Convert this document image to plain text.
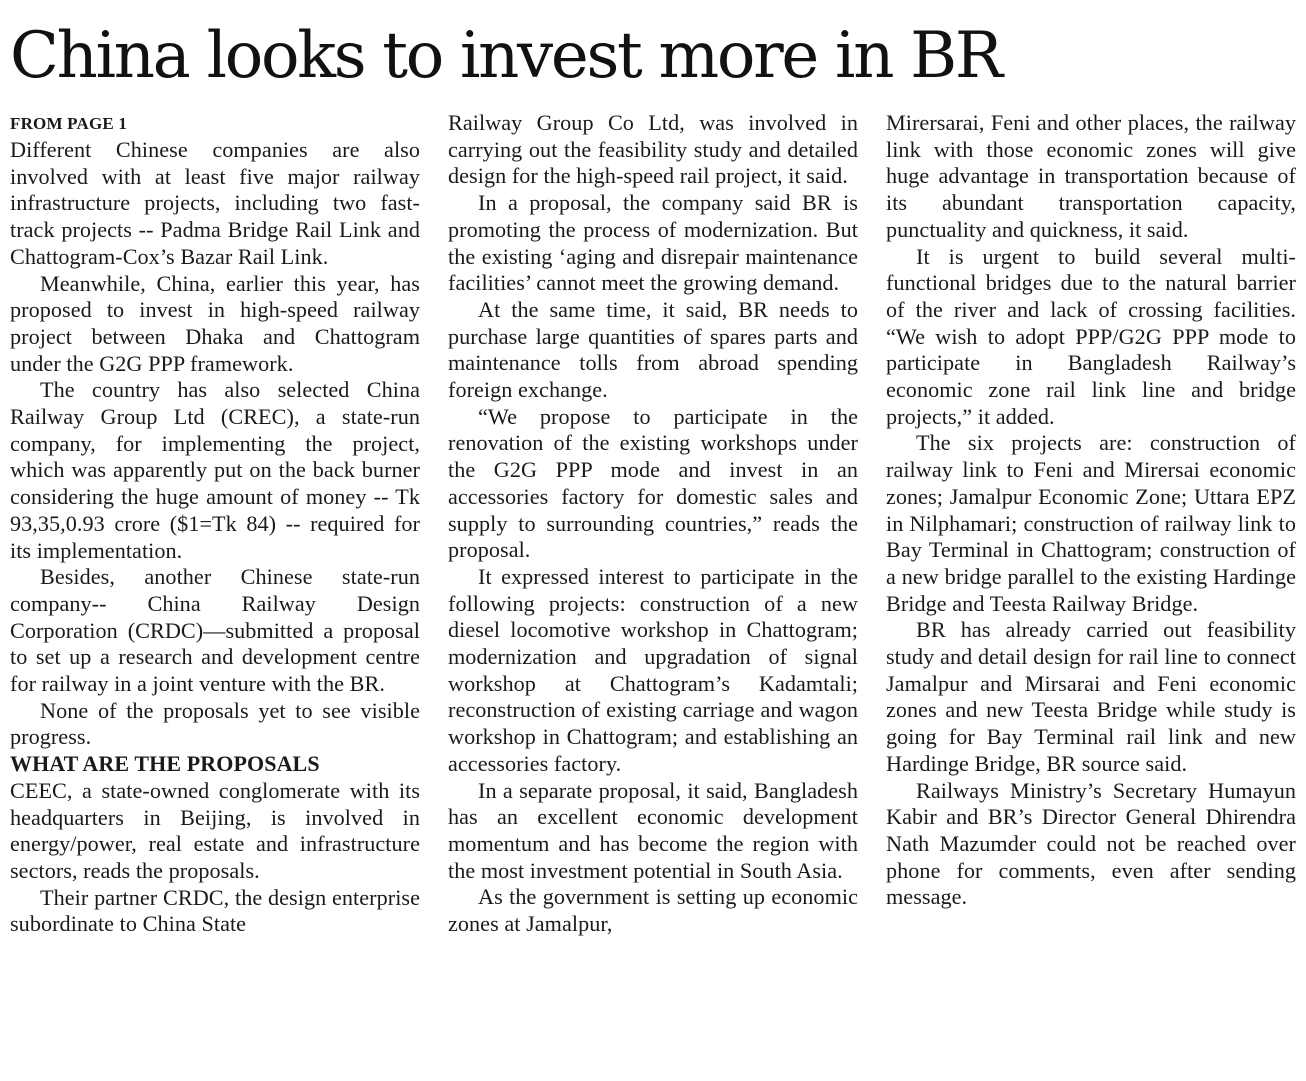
China looks to invest more in BR
FROM PAGE 1

Different Chinese companies are also involved with at least five major railway infrastructure projects, including two fast-track projects -- Padma Bridge Rail Link and Chattogram-Cox’s Bazar Rail Link.

Meanwhile, China, earlier this year, has proposed to invest in high-speed railway project between Dhaka and Chattogram under the G2G PPP framework.

The country has also selected China Railway Group Ltd (CREC), a state-run company, for implementing the project, which was apparently put on the back burner considering the huge amount of money -- Tk 93,35,0.93 crore ($1=Tk 84) -- required for its implementation.

Besides, another Chinese state-run company-- China Railway Design Corporation (CRDC)—submitted a proposal to set up a research and development centre for railway in a joint venture with the BR.

None of the proposals yet to see visible progress.

WHAT ARE THE PROPOSALS

CEEC, a state-owned conglomerate with its headquarters in Beijing, is involved in energy/power, real estate and infrastructure sectors, reads the proposals.

Their partner CRDC, the design enterprise subordinate to China State

Railway Group Co Ltd, was involved in carrying out the feasibility study and detailed design for the high-speed rail project, it said.

In a proposal, the company said BR is promoting the process of modernization. But the existing ‘aging and disrepair maintenance facilities’ cannot meet the growing demand.

At the same time, it said, BR needs to purchase large quantities of spares parts and maintenance tolls from abroad spending foreign exchange.

“We propose to participate in the renovation of the existing workshops under the G2G PPP mode and invest in an accessories factory for domestic sales and supply to surrounding countries,” reads the proposal.

It expressed interest to participate in the following projects: construction of a new diesel locomotive workshop in Chattogram; modernization and upgradation of signal workshop at Chattogram’s Kadamtali; reconstruction of existing carriage and wagon workshop in Chattogram; and establishing an accessories factory.

In a separate proposal, it said, Bangladesh has an excellent economic development momentum and has become the region with the most investment potential in South Asia.

As the government is setting up economic zones at Jamalpur,

Mirersarai, Feni and other places, the railway link with those economic zones will give huge advantage in transportation because of its abundant transportation capacity, punctuality and quickness, it said.

It is urgent to build several multi-functional bridges due to the natural barrier of the river and lack of crossing facilities. “We wish to adopt PPP/G2G PPP mode to participate in Bangladesh Railway’s economic zone rail link line and bridge projects,” it added.

The six projects are: construction of railway link to Feni and Mirersai economic zones; Jamalpur Economic Zone; Uttara EPZ in Nilphamari; construction of railway link to Bay Terminal in Chattogram; construction of a new bridge parallel to the existing Hardinge Bridge and Teesta Railway Bridge.

BR has already carried out feasibility study and detail design for rail line to connect Jamalpur and Mirsarai and Feni economic zones and new Teesta Bridge while study is going for Bay Terminal rail link and new Hardinge Bridge, BR source said.

Railways Ministry’s Secretary Humayun Kabir and BR’s Director General Dhirendra Nath Mazumder could not be reached over phone for comments, even after sending message.
